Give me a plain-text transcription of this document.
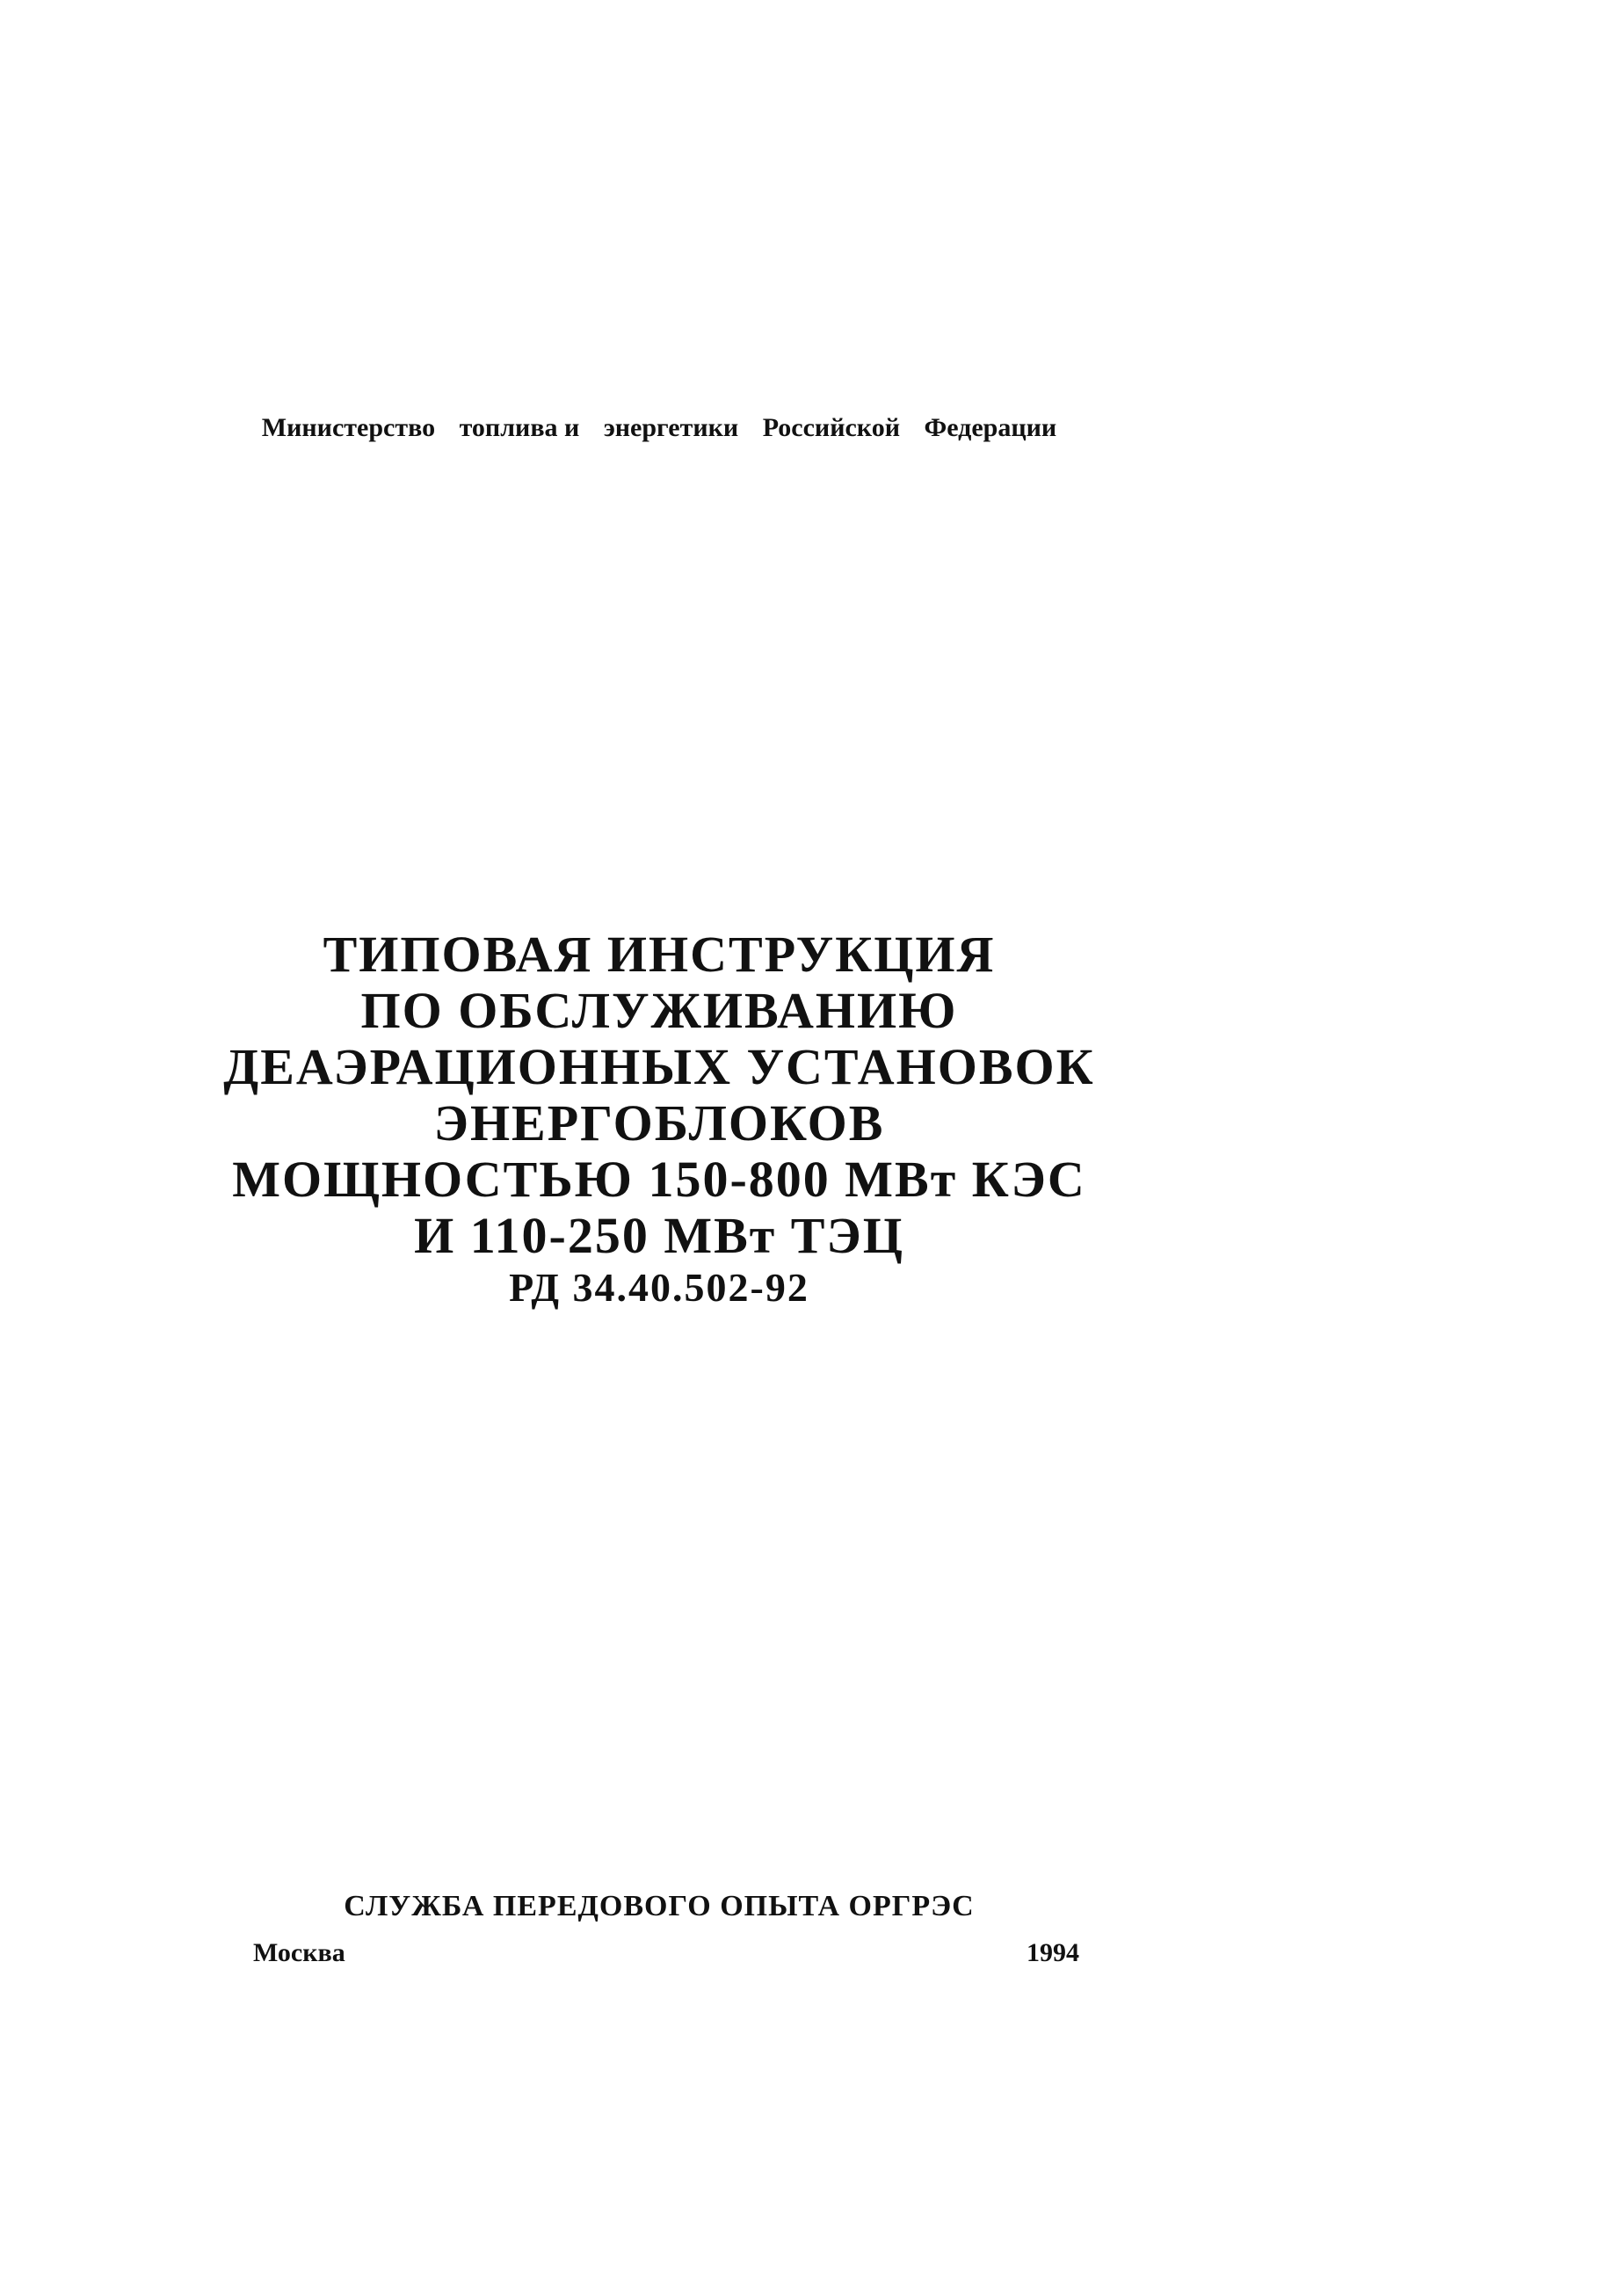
Министерство топлива и энергетики Российской Федерации
ТИПОВАЯ ИНСТРУКЦИЯ
ПО ОБСЛУЖИВАНИЮ
ДЕАЭРАЦИОННЫХ УСТАНОВОК
ЭНЕРГОБЛОКОВ
МОЩНОСТЬЮ 150-800 МВт КЭС
И 110-250 МВт ТЭЦ
РД 34.40.502-92
СЛУЖБА ПЕРЕДОВОГО ОПЫТА ОРГРЭС
Москва	1994
